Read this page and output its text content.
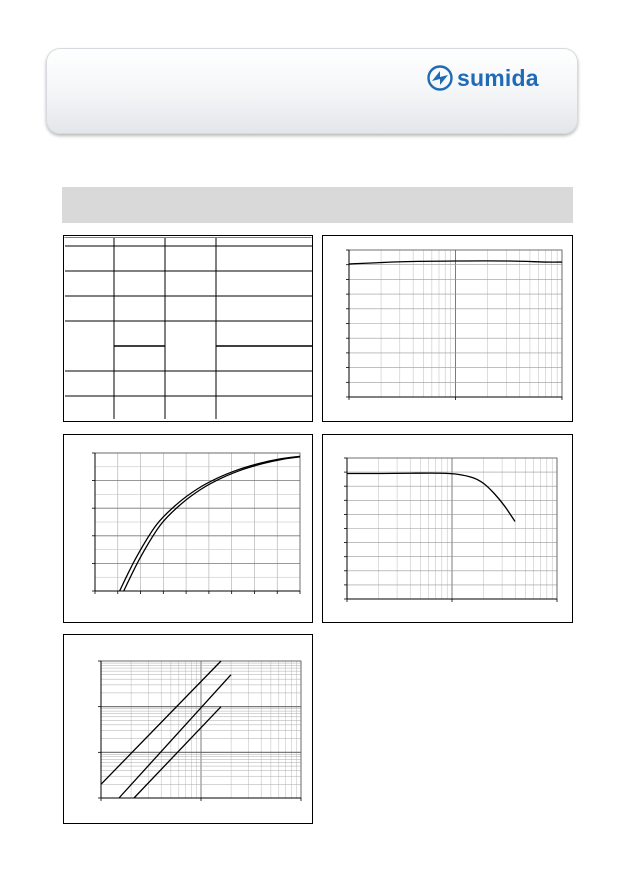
sumida
